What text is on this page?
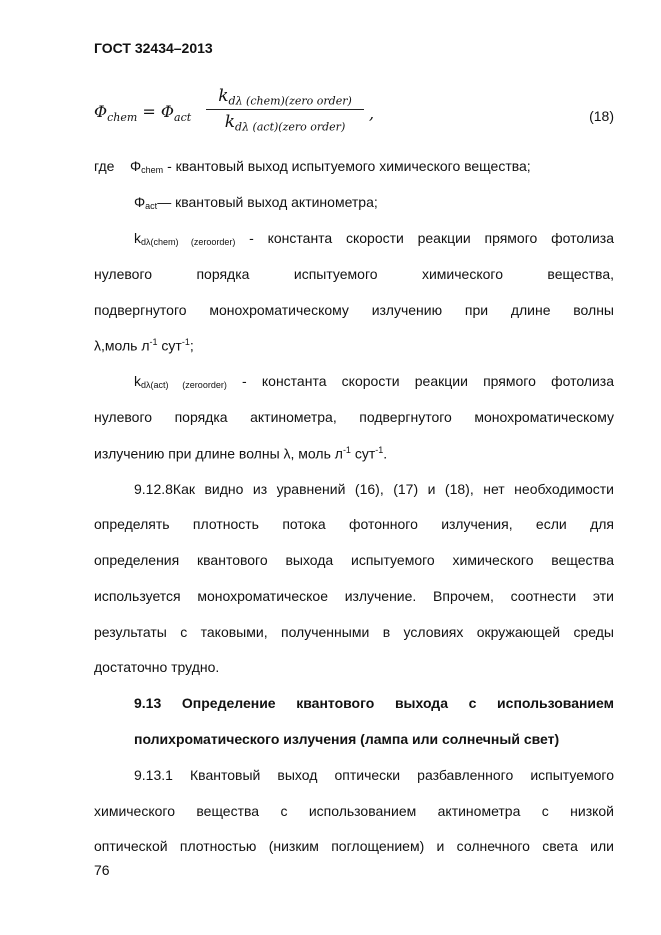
ГОСТ 32434–2013
$\Phi_{chem} = \Phi_{act}$
$k_{d\lambda (chem)(zero order)}$
$k_{d\lambda (act)(zero order)}$
,	(18)
где $\Phi_{chem}$ - квантовый выход испытуемого химического вещества;
$\Phi_{act}—$ квантовый выход актинометра;
$k_{d\lambda(chem) (zeroorder)}$ - константа скорости реакции прямого фотолиза
нулевого порядка испытуемого химического вещества,
подвергнутого монохроматическому излучению при длине волны
λ,моль $л^{-1}$ сут$^{-1}$;
$k_{d\lambda(act) (zeroorder)}$ - константа скорости реакции прямого фотолиза
нулевого порядка актинометра, подвергнутого монохроматическому
излучению при длине волны λ, моль $л^{-1}$ сут$^{-1}$.
9.12.8Как видно из уравнений (16), (17) и (18), нет необходимости
определять плотность потока фотонного излучения, если для
определения квантового выхода испытуемого химического вещества
используется монохроматическое излучение. Впрочем, соотнести эти
результаты с таковыми, полученными в условиях окружающей среды
достаточно трудно.
9.13 Определение квантового выхода с использованием
полихроматического излучения (лампа или солнечный свет)
9.13.1 Квантовый выход оптически разбавленного испытуемого
химического вещества с использованием актинометра с низкой
оптической плотностью (низким поглощением) и солнечного света или
76
